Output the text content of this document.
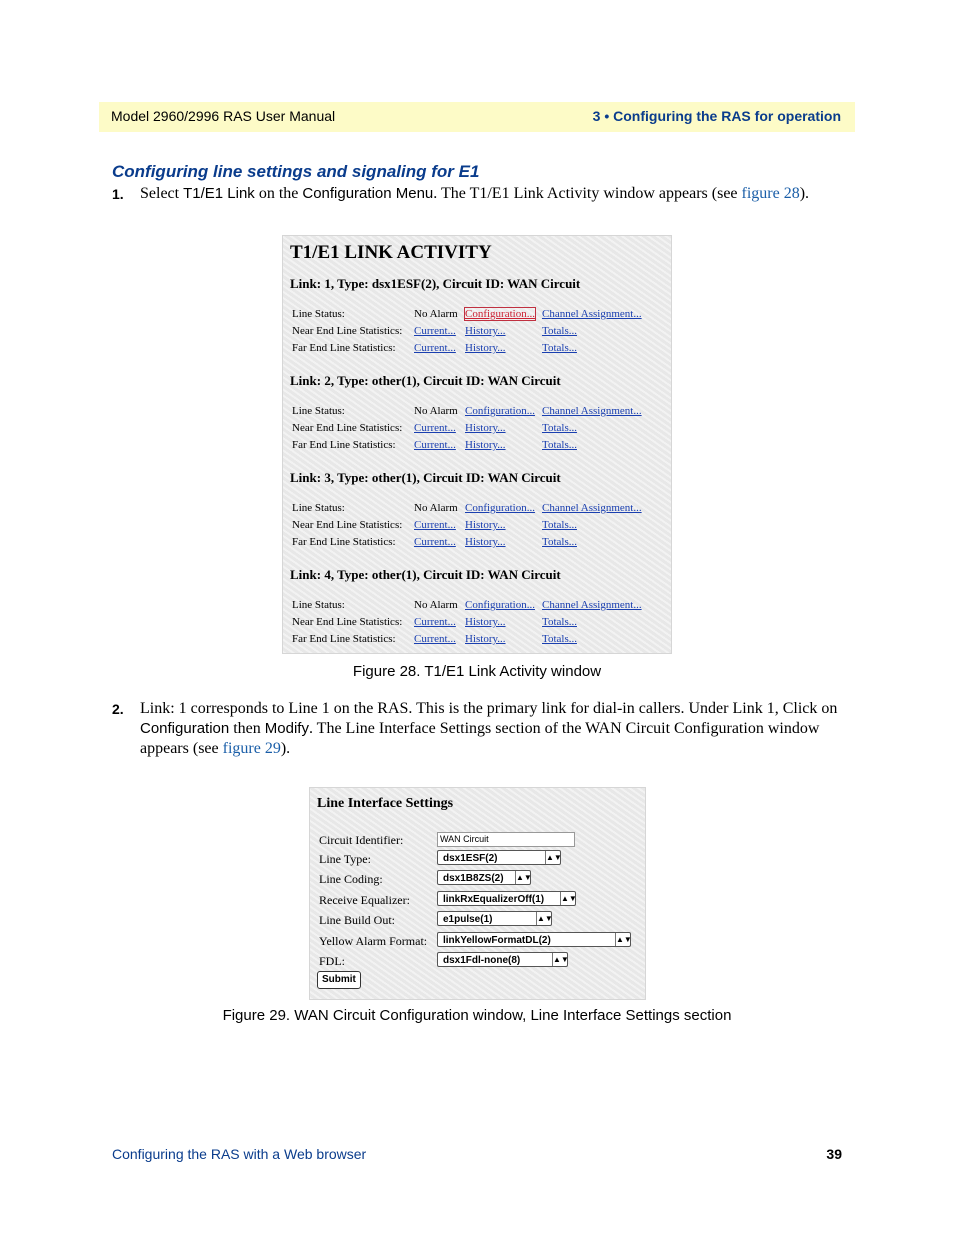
Model 2960/2996 RAS User Manual	3 • Configuring the RAS for operation
Configuring line settings and signaling for E1
1. Select T1/E1 Link on the Configuration Menu. The T1/E1 Link Activity window appears (see figure 28).
T1/E1 LINK ACTIVITY
Link: 1, Type: dsx1ESF(2), Circuit ID: WAN Circuit
Line Status:	No Alarm Configuration... Channel Assignment...
Near End Line Statistics: Current... History...	Totals...
Far End Line Statistics: Current... History...	Totals...
Link: 2, Type: other(1), Circuit ID: WAN Circuit
Line Status:	No Alarm Configuration... Channel Assignment...
Near End Line Statistics: Current... History...	Totals...
Far End Line Statistics: Current... History...	Totals...
Link: 3, Type: other(1), Circuit ID: WAN Circuit
Line Status:	No Alarm Configuration... Channel Assignment...
Near End Line Statistics: Current... History...	Totals...
Far End Line Statistics: Current... History...	Totals...
Link: 4, Type: other(1), Circuit ID: WAN Circuit
Line Status:	No Alarm Configuration... Channel Assignment...
Near End Line Statistics: Current... History...	Totals...
Far End Line Statistics: Current... History...	Totals...
Figure 28. T1/E1 Link Activity window
2. Link: 1 corresponds to Line 1 on the RAS. This is the primary link for dial-in callers. Under Link 1, Click on Configuration then Modify. The Line Interface Settings section of the WAN Circuit Configuration window appears (see figure 29).
Line Interface Settings
Circuit Identifier:	WAN Circuit
Line Type:	dsx1ESF(2)	▲▼
Line Coding:	dsx1B8ZS(2) ▲▼
Receive Equalizer:	linkRxEqualizerOff(1) ▲▼
Line Build Out:	e1pulse(1)	▲▼
Yellow Alarm Format:	linkYellowFormatDL(2)	▲▼
FDL:	dsx1Fdl-none(8)	▲▼
Submit
Figure 29. WAN Circuit Configuration window, Line Interface Settings section
Configuring the RAS with a Web browser	39
